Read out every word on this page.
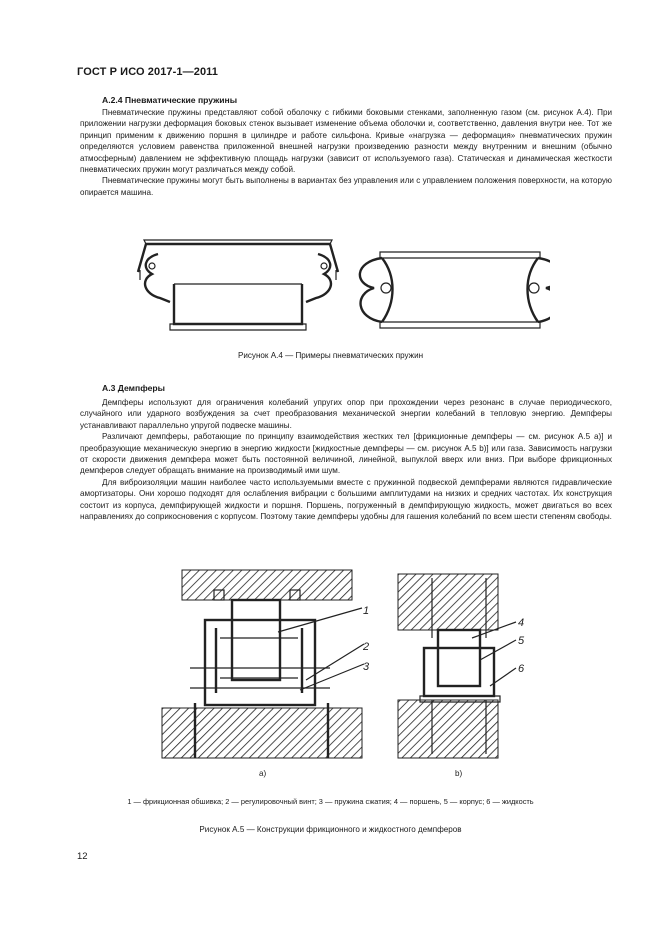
ГОСТ Р ИСО 2017-1—2011
А.2.4 Пневматические пружины

Пневматические пружины представляют собой оболочку с гибкими боковыми стенками, заполненную газом (см. рисунок А.4). При приложении нагрузки деформация боковых стенок вызывает изменение объема оболочки и, соответственно, давления внутри нее. Тот же принцип применим к движению поршня в цилиндре и работе сильфона. Кривые «нагрузка — деформация» пневматических пружин определяются условием равенства приложенной внешней нагрузки произведению разности между внутренним и внешним (обычно атмосферным) давлением не эффективную площадь нагрузки (зависит от используемого газа). Статическая и динамическая жесткости пневматических пружин могут различаться между собой.

Пневматические пружины могут быть выполнены в вариантах без управления или с управлением положения поверхности, на которую опирается машина.

Рисунок А.4 — Примеры пневматических пружин
А.3 Демпферы

Демпферы используют для ограничения колебаний упругих опор при прохождении через резонанс в случае периодического, случайного или ударного возбуждения за счет преобразования механической энергии колебаний в тепловую энергию. Демпферы устанавливают параллельно упругой подвеске машины.

Различают демпферы, работающие по принципу взаимодействия жестких тел [фрикционные демпферы — см. рисунок А.5 а)] и преобразующие механическую энергию в энергию жидкости [жидкостные демпферы — см. рисунок А.5 b)] или газа. Зависимость нагрузки от скорости движения демпфера может быть постоянной величиной, линейной, выпуклой вверх или вниз. При выборе фрикционных демпферов следует обращать внимание на производимый ими шум.

Для виброизоляции машин наиболее часто используемыми вместе с пружинной подвеской демпферами являются гидравлические амортизаторы. Они хорошо подходят для ослабления вибрации с большими амплитудами на низких и средних частотах. Их конструкция состоит из корпуса, демпфирующей жидкости и поршня. Поршень, погруженный в демпфирующую жидкость, может двигаться во всех направлениях до соприкосновения с корпусом. Поэтому такие демпферы удобны для гашения колебаний по всем шести степеням свободы.

1
2
3
4
5
6
а)	b)
1 — фрикционная обшивка; 2 — регулировочный винт; 3 — пружина сжатия; 4 — поршень, 5 — корпус; 6 — жидкость
Рисунок А.5 — Конструкции фрикционного и жидкостного демпферов
12
